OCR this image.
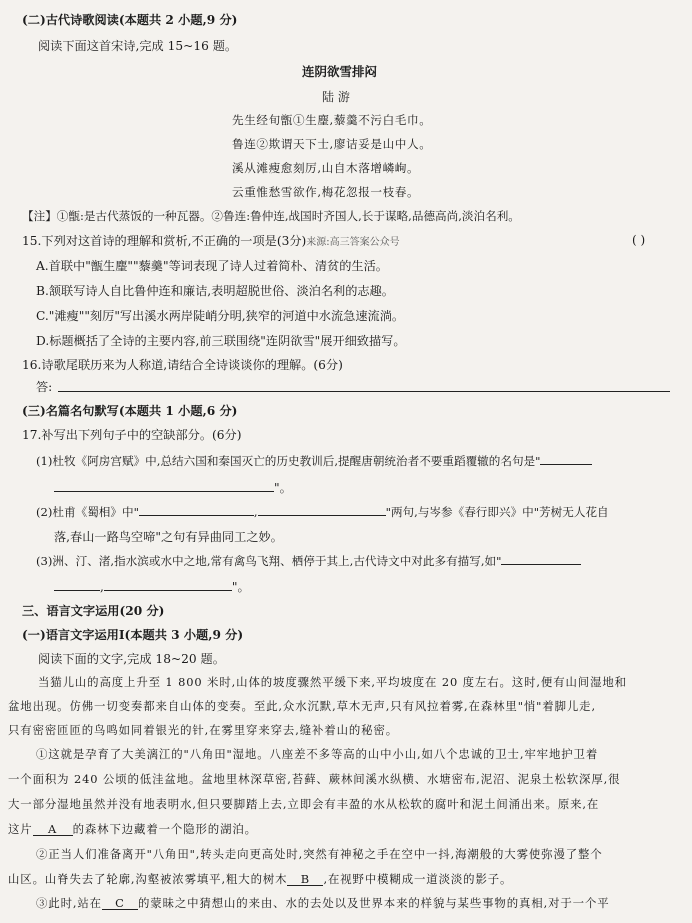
(二)古代诗歌阅读(本题共 2 小题,9 分)
阅读下面这首宋诗,完成 15~16 题。
连阴欲雪排闷
陆 游
先生经旬甑①生麈,藜羹不污白毛巾。
鲁连②欺谓天下士,廖诘妥是山中人。
溪从滩瘦愈刻厉,山自木落增嶙峋。
云重惟愁雪欲作,梅花忽报一枝春。
【注】①甑:是古代蒸饭的一种瓦器。②鲁连:鲁仲连,战国时齐国人,长于谋略,品德高尚,淡泊名利。
15.下列对这首诗的理解和赏析,不正确的一项是(3分)来源:高三答案公众号	( )
A.首联中"甑生麈""藜羹"等词表现了诗人过着简朴、清贫的生活。
B.颔联写诗人自比鲁仲连和廉诘,表明超脱世俗、淡泊名利的志趣。
C."滩瘦""刻厉"写出溪水两岸陡峭分明,狭窄的河道中水流急速流淌。
D.标题概括了全诗的主要内容,前三联围绕"连阴欲雪"展开细致描写。
16.诗歌尾联历来为人称道,请结合全诗谈谈你的理解。(6分)
答:
(三)名篇名句默写(本题共 1 小题,6 分)
17.补写出下列句子中的空缺部分。(6分)
(1)杜牧《阿房宫赋》中,总结六国和秦国灭亡的历史教训后,提醒唐朝统治者不要重蹈覆辙的名句是"
"。
(2)杜甫《蜀相》中"	,	"两句,与岑参《春行即兴》中"芳树无人花自
落,春山一路鸟空啼"之句有异曲同工之妙。
(3)洲、汀、渚,指水滨或水中之地,常有禽鸟飞翔、栖停于其上,古代诗文中对此多有描写,如"
,	"。
三、语言文字运用(20 分)
(一)语言文字运用Ⅰ(本题共 3 小题,9 分)
阅读下面的文字,完成 18~20 题。
当猫儿山的高度上升至 1 800 米时,山体的坡度骤然平缓下来,平均坡度在 20 度左右。这时,便有山间湿地和
盆地出现。仿佛一切变奏都来自山体的变奏。至此,众水沉默,草木无声,只有风拉着雾,在森林里"悄"着脚儿走,
只有密密匝匝的鸟鸣如同着银光的针,在雾里穿来穿去,缝补着山的秘密。
①这就是孕育了大美漓江的"八角田"湿地。八座差不多等高的山中小山,如八个忠诚的卫士,牢牢地护卫着
一个面积为 240 公顷的低洼盆地。盆地里林深草密,苔藓、蕨林间溪水纵横、水塘密布,泥沼、泥泉土松软深厚,很
大一部分湿地虽然并没有地表明水,但只要脚踏上去,立即会有丰盈的水从松软的腐叶和泥土间涌出来。原来,在
这片 A 的森林下边藏着一个隐形的湖泊。
②正当人们准备离开"八角田",转头走向更高处时,突然有神秘之手在空中一抖,海潮般的大雾使弥漫了整个
山区。山脊失去了轮廓,沟壑被浓雾填平,粗大的树木 B ,在视野中模糊成一道淡淡的影子。
③此时,站在 C 的蒙昧之中猜想山的来由、水的去处以及世界本来的样貌与某些事物的真相,对于一个平
